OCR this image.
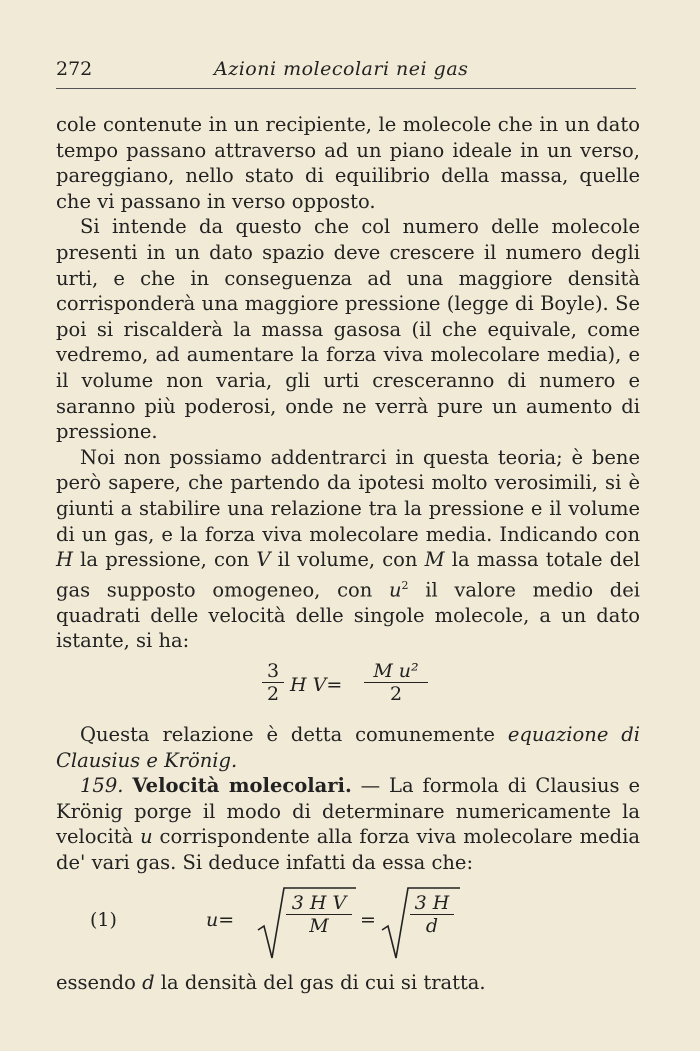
272	Azioni molecolari nei gas

cole contenute in un recipiente, le molecole che in un dato tempo passano attraverso ad un piano ideale in un verso, pareggiano, nello stato di equilibrio della massa, quelle che vi passano in verso opposto.

Si intende da questo che col numero delle molecole presenti in un dato spazio deve crescere il numero degli urti, e che in conseguenza ad una maggiore densità corrisponderà una maggiore pressione (legge di Boyle). Se poi si riscalderà la massa gasosa (il che equivale, come vedremo, ad aumentare la forza viva molecolare media), e il volume non varia, gli urti cresceranno di numero e saranno più poderosi, onde ne verrà pure un aumento di pressione.

Noi non possiamo addentrarci in questa teoria; è bene però sapere, che partendo da ipotesi molto verosimili, si è giunti a stabilire una relazione tra la pressione e il volume di un gas, e la forza viva molecolare media. Indicando con H la pressione, con V il volume, con M la massa totale del gas supposto omogeneo, con $u^2$ il valore medio dei quadrati delle velocità delle singole molecole, a un dato istante, si ha:

3
2 H V=
M u²
2

Questa relazione è detta comunemente equazione di Clausius e Krönig.

159. Velocità molecolari. — La formola di Clausius e Krönig porge il modo di determinare numericamente la velocità u corrispondente alla forza viva molecolare media de' vari gas. Si deduce infatti da essa che:

(1)	u=
3 H V
M	=
3 H
d

essendo d la densità del gas di cui si tratta.
